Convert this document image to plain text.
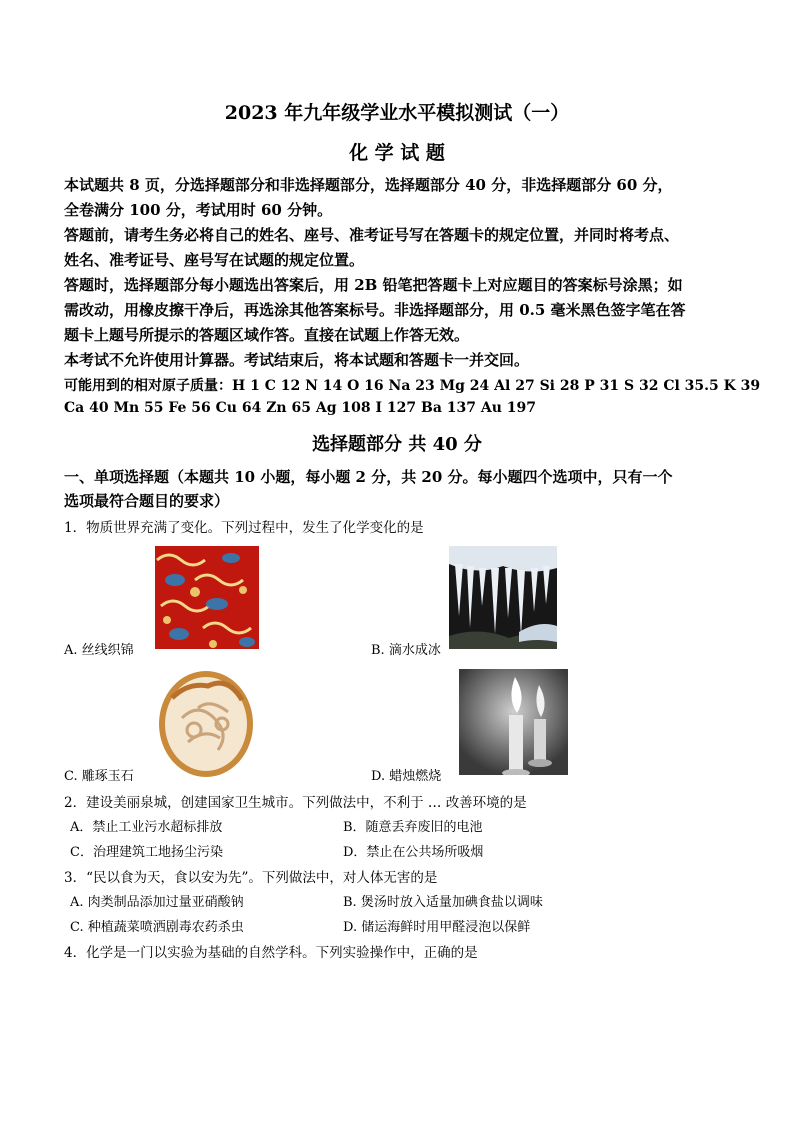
2023 年九年级学业水平模拟测试（一）
化 学 试 题
本试题共 8 页，分选择题部分和非选择题部分，选择题部分 40 分，非选择题部分 60 分，
全卷满分 100 分，考试用时 60 分钟。
答题前，请考生务必将自己的姓名、座号、准考证号写在答题卡的规定位置，并同时将考点、
姓名、准考证号、座号写在试题的规定位置。
答题时，选择题部分每小题选出答案后，用 2B 铅笔把答题卡上对应题目的答案标号涂黑；如
需改动，用橡皮擦干净后，再选涂其他答案标号。非选择题部分，用 0.5 毫米黑色签字笔在答
题卡上题号所提示的答题区域作答。直接在试题上作答无效。
本考试不允许使用计算器。考试结束后，将本试题和答题卡一并交回。
可能用到的相对原子质量：H 1 C 12 N 14 O 16 Na 23 Mg 24 Al 27 Si 28 P 31 S 32 Cl 35.5 K 39
Ca 40 Mn 55 Fe 56 Cu 64 Zn 65 Ag 108 I 127 Ba 137 Au 197
选择题部分 共 40 分
一、单项选择题（本题共 10 小题，每小题 2 分，共 20 分。每小题四个选项中，只有一个
选项最符合题目的要求）
1．物质世界充满了变化。下列过程中，发生了化学变化的是
A. 丝线织锦	B. 滴水成冰
C. 雕琢玉石	D. 蜡烛燃烧
2．建设美丽泉城，创建国家卫生城市。下列做法中，不利于 … 改善环境的是
A．禁止工业污水超标排放	B．随意丢弃废旧的电池
C．治理建筑工地扬尘污染	D．禁止在公共场所吸烟
3．“民以食为天，食以安为先”。下列做法中，对人体无害的是
A. 肉类制品添加过量亚硝酸钠	B. 煲汤时放入适量加碘食盐以调味
C. 种植蔬菜喷洒剧毒农药杀虫	D. 储运海鲜时用甲醛浸泡以保鲜
4．化学是一门以实验为基础的自然学科。下列实验操作中，正确的是
